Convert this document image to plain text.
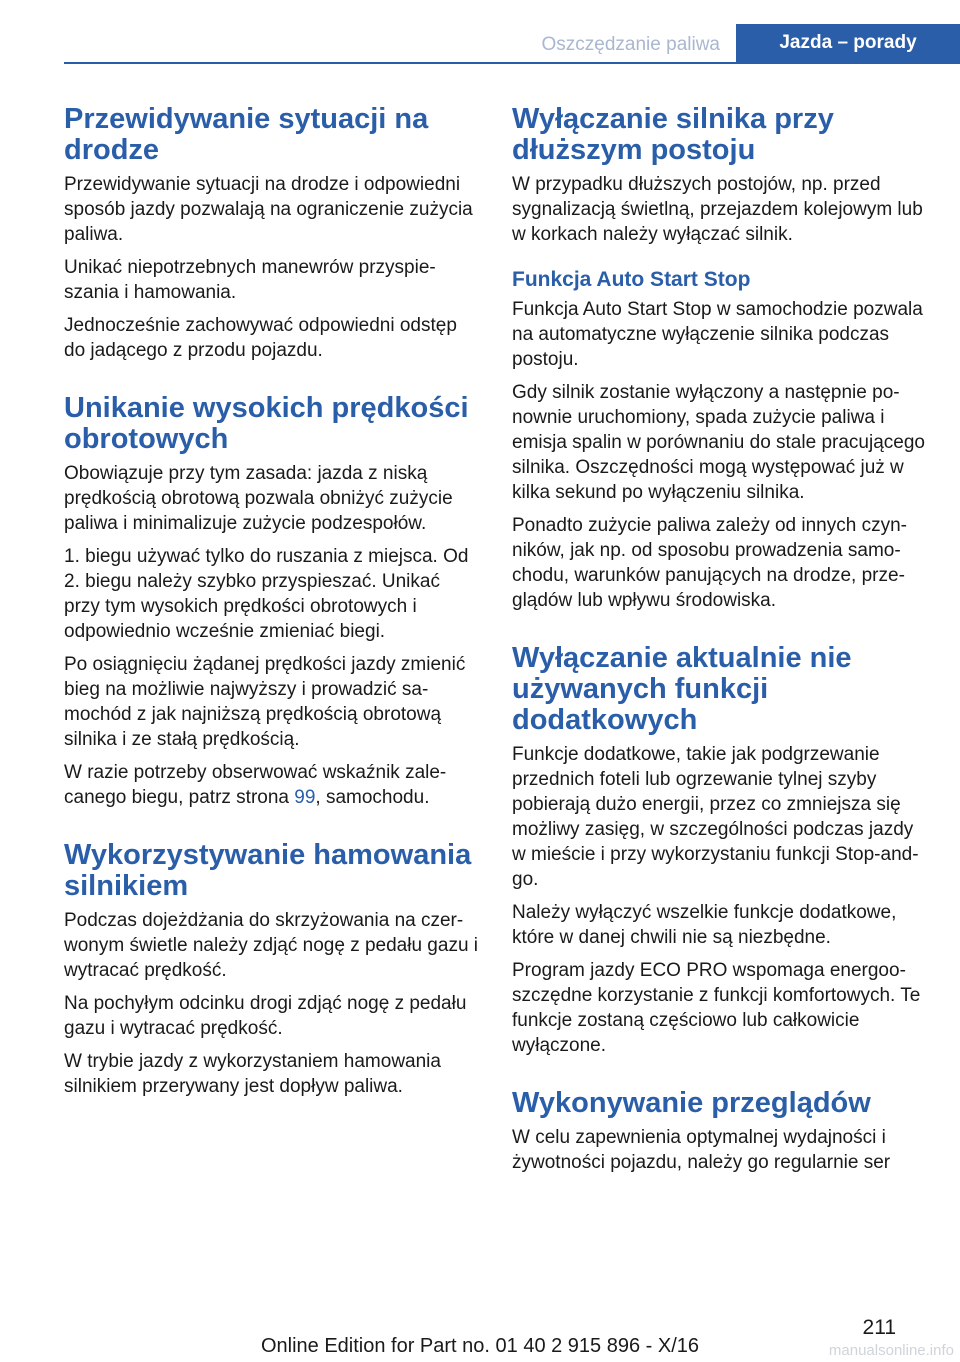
Oszczędzanie paliwa	Jazda – porady
Przewidywanie sytuacji na drodze

Przewidywanie sytuacji na drodze i odpowiedni sposób jazdy pozwalają na ograniczenie zużycia paliwa.

Unikać niepotrzebnych manewrów przyspieszania i hamowania.

Jednocześnie zachowywać odpowiedni odstęp do jadącego z przodu pojazdu.

Unikanie wysokich prędkości obrotowych

Obowiązuje przy tym zasada: jazda z niską prędkością obrotową pozwala obniżyć zużycie paliwa i minimalizuje zużycie podzespołów.

1. biegu używać tylko do ruszania z miejsca. Od 2. biegu należy szybko przyspieszać. Unikać przy tym wysokich prędkości obrotowych i odpowiednio wcześnie zmieniać biegi.

Po osiągnięciu żądanej prędkości jazdy zmienić bieg na możliwie najwyższy i prowadzić samochód z jak najniższą prędkością obrotową silnika i ze stałą prędkością.

W razie potrzeby obserwować wskaźnik zalecanego biegu, patrz strona 99, samochodu.

Wykorzystywanie hamowania silnikiem

Podczas dojeżdżania do skrzyżowania na czerwonym świetle należy zdjąć nogę z pedału gazu i wytracać prędkość.

Na pochyłym odcinku drogi zdjąć nogę z pedału gazu i wytracać prędkość.

W trybie jazdy z wykorzystaniem hamowania silnikiem przerywany jest dopływ paliwa.

Wyłączanie silnika przy dłuższym postoju

W przypadku dłuższych postojów, np. przed sygnalizacją świetlną, przejazdem kolejowym lub w korkach należy wyłączać silnik.

Funkcja Auto Start Stop

Funkcja Auto Start Stop w samochodzie pozwala na automatyczne wyłączenie silnika podczas postoju.

Gdy silnik zostanie wyłączony a następnie ponownie uruchomiony, spada zużycie paliwa i emisja spalin w porównaniu do stale pracującego silnika. Oszczędności mogą występować już w kilka sekund po wyłączeniu silnika.

Ponadto zużycie paliwa zależy od innych czynników, jak np. od sposobu prowadzenia samochodu, warunków panujących na drodze, przeglądów lub wpływu środowiska.

Wyłączanie aktualnie nie używanych funkcji dodatkowych

Funkcje dodatkowe, takie jak podgrzewanie przednich foteli lub ogrzewanie tylnej szyby pobierają dużo energii, przez co zmniejsza się możliwy zasięg, w szczególności podczas jazdy w mieście i przy wykorzystaniu funkcji Stop-and-go.

Należy wyłączyć wszelkie funkcje dodatkowe, które w danej chwili nie są niezbędne.

Program jazdy ECO PRO wspomaga energooszczędne korzystanie z funkcji komfortowych. Te funkcje zostaną częściowo lub całkowicie wyłączone.

Wykonywanie przeglądów

W celu zapewnienia optymalnej wydajności i żywotności pojazdu, należy go regularnie ser

211
Online Edition for Part no. 01 40 2 915 896 - X/16	manualsonline.info
